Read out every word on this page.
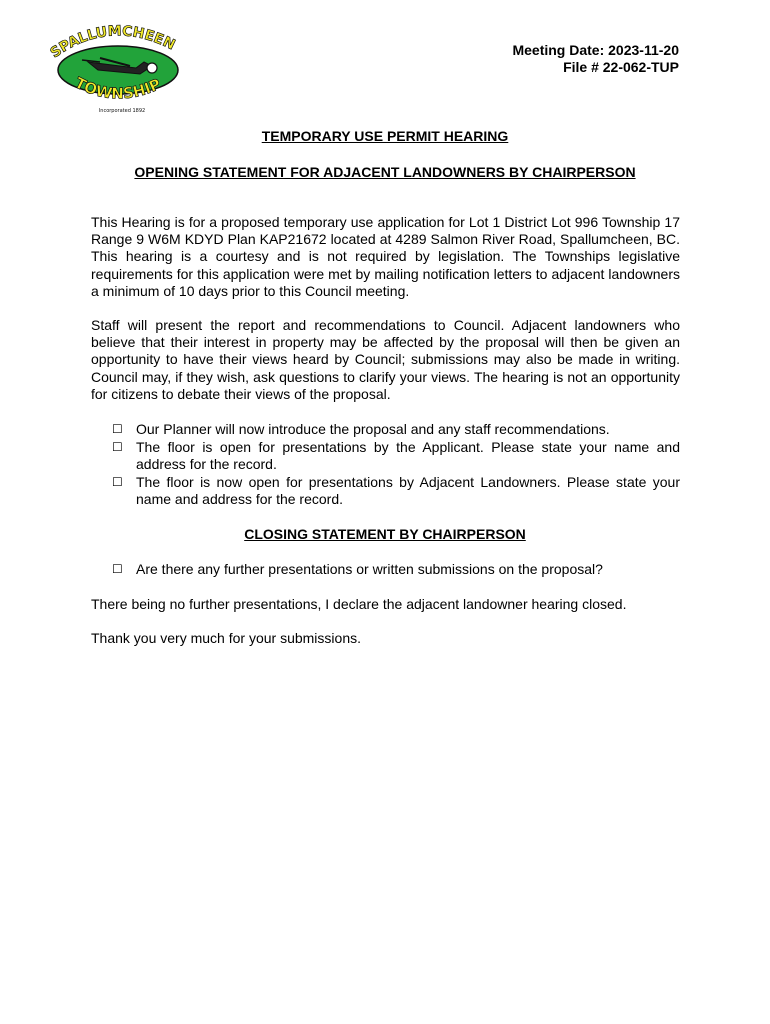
SPALLUMCHEEN
TOWNSHIP
Incorporated 1892
Meeting Date: 2023-11-20
File # 22-062-TUP
TEMPORARY USE PERMIT HEARING
OPENING STATEMENT FOR ADJACENT LANDOWNERS BY CHAIRPERSON
This Hearing is for a proposed temporary use application for Lot 1 District Lot 996 Township 17 Range 9 W6M KDYD Plan KAP21672 located at 4289 Salmon River Road, Spallumcheen, BC. This hearing is a courtesy and is not required by legislation. The Townships legislative requirements for this application were met by mailing notification letters to adjacent landowners a minimum of 10 days prior to this Council meeting.
Staff will present the report and recommendations to Council. Adjacent landowners who believe that their interest in property may be affected by the proposal will then be given an opportunity to have their views heard by Council; submissions may also be made in writing. Council may, if they wish, ask questions to clarify your views. The hearing is not an opportunity for citizens to debate their views of the proposal.
☐ Our Planner will now introduce the proposal and any staff recommendations.
☐ The floor is open for presentations by the Applicant. Please state your name and address for the record.
☐ The floor is now open for presentations by Adjacent Landowners. Please state your name and address for the record.
CLOSING STATEMENT BY CHAIRPERSON
☐ Are there any further presentations or written submissions on the proposal?
There being no further presentations, I declare the adjacent landowner hearing closed.
Thank you very much for your submissions.
